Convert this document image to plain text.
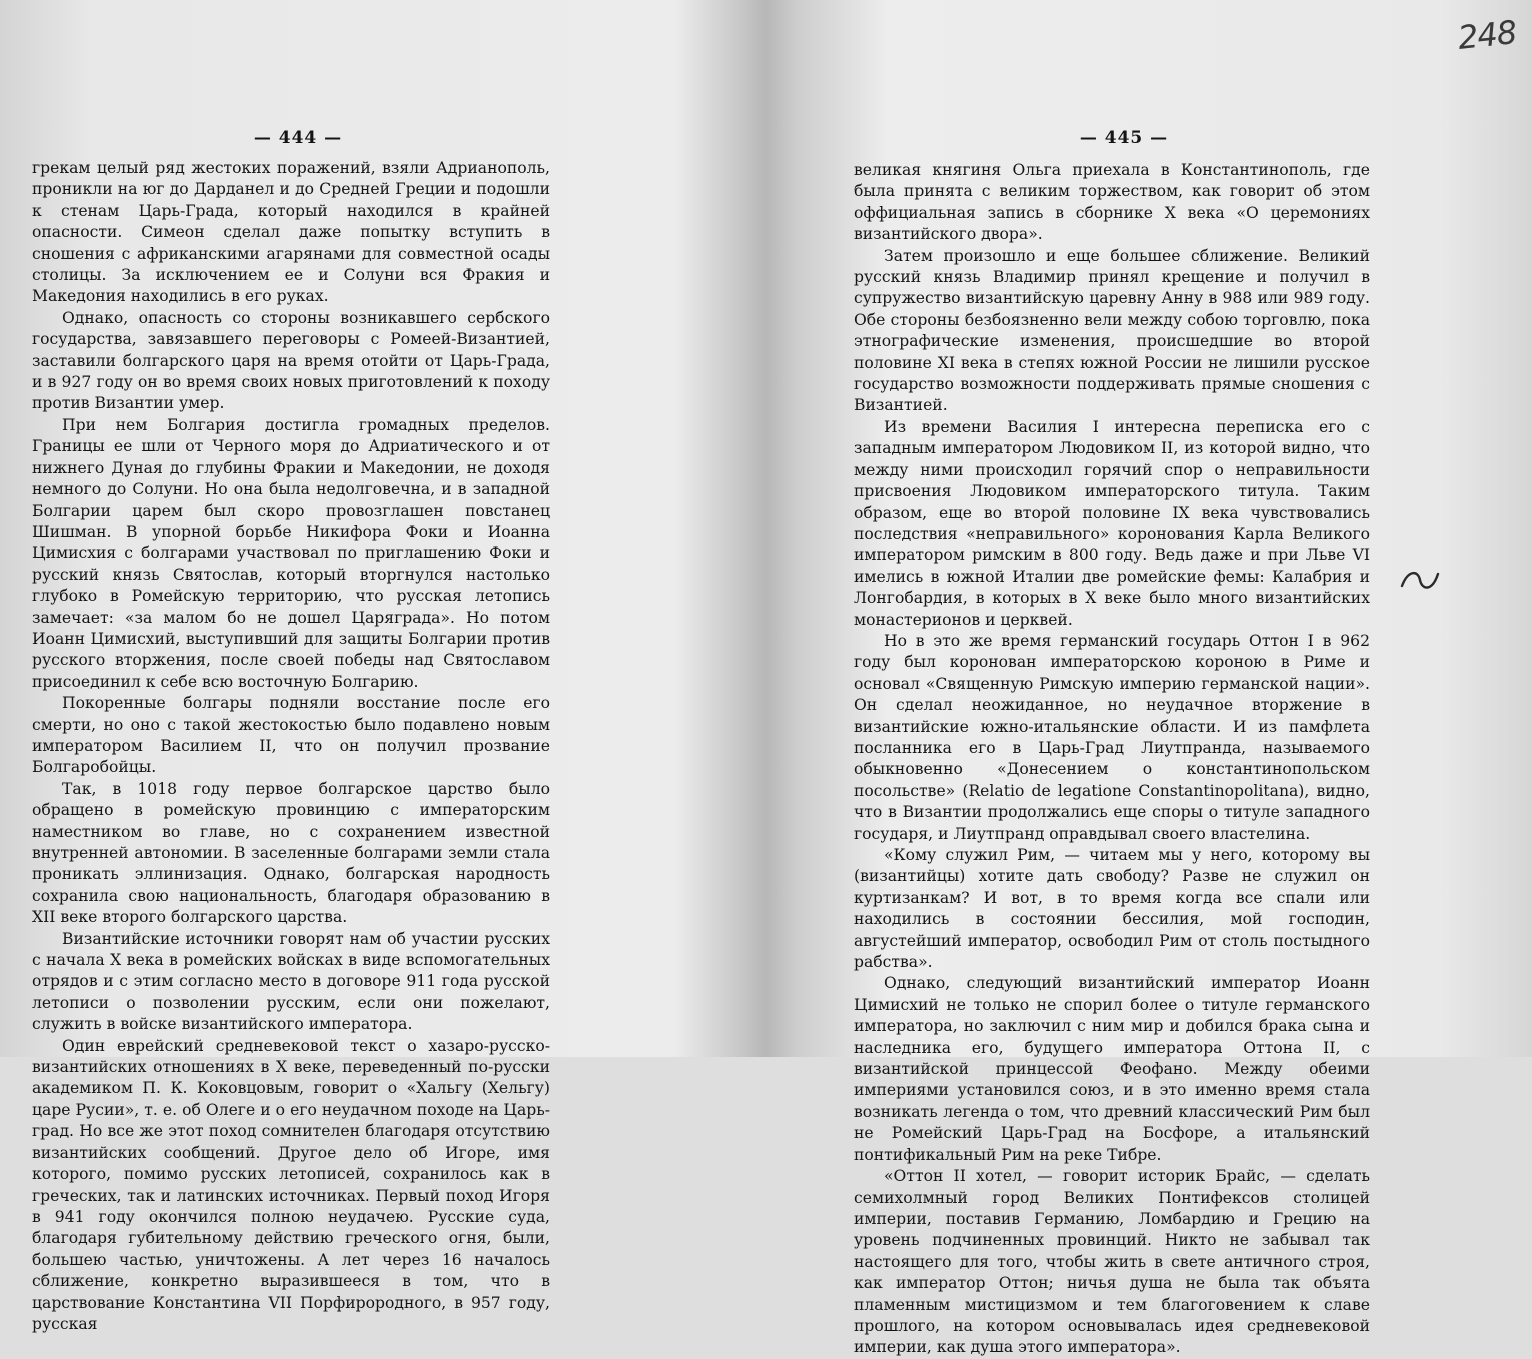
— 444 —

грекам целый ряд жестоких поражений, взяли Адрианополь, проникли на юг до Дарданел и до Средней Греции и подошли к стенам Царь-Града, который находился в крайней опасности. Симеон сделал даже попытку вступить в сношения с африканскими агарянами для совместной осады столицы. За исключением ее и Солуни вся Фракия и Македония находились в его руках.

Однако, опасность со стороны возникавшего сербского государства, завязавшего переговоры с Ромеей-Византией, заставили болгарского царя на время отойти от Царь-Града, и в 927 году он во время своих новых приготовлений к походу против Византии умер.

При нем Болгария достигла громадных пределов. Границы ее шли от Черного моря до Адриатического и от нижнего Дуная до глубины Фракии и Македонии, не доходя немного до Солуни. Но она была недолговечна, и в западной Болгарии царем был скоро провозглашен повстанец Шишман. В упорной борьбе Никифора Фоки и Иоанна Цимисхия с болгарами участвовал по приглашению Фоки и русский князь Святослав, который вторгнулся настолько глубоко в Ромейскую территорию, что русская летопись замечает: «за малом бо не дошел Царяграда». Но потом Иоанн Цимисхий, выступивший для защиты Болгарии против русского вторжения, после своей победы над Святославом присоединил к себе всю восточную Болгарию.

Покоренные болгары подняли восстание после его смерти, но оно с такой жестокостью было подавлено новым императором Василием II, что он получил прозвание Болгаробойцы.

Так, в 1018 году первое болгарское царство было обращено в ромейскую провинцию с императорским наместником во главе, но с сохранением известной внутренней автономии. В заселенные болгарами земли стала проникать эллинизация. Однако, болгарская народность сохранила свою национальность, благодаря образованию в XII веке второго болгарского царства.

Византийские источники говорят нам об участии русских с начала X века в ромейских войсках в виде вспомогательных отрядов и с этим согласно место в договоре 911 года русской летописи о позволении русским, если они пожелают, служить в войске византийского императора.

Один еврейский средневековой текст о хазаро-русско-византийских отношениях в X веке, переведенный по-русски академиком П. К. Коковцовым, говорит о «Хальгу (Хельгу) царе Русии», т. е. об Олеге и о его неудачном походе на Царь-град. Но все же этот поход сомнителен благодаря отсутствию византийских сообщений. Другое дело об Игоре, имя которого, помимо русских летописей, сохранилось как в греческих, так и латинских источниках. Первый поход Игоря в 941 году окончился полною неудачею. Русские суда, благодаря губительному действию греческого огня, были, большею частью, уничтожены. А лет через 16 началось сближение, конкретно выразившееся в том, что в царствование Константина VII Порфирородного, в 957 году, русская

— 445 —

великая княгиня Ольга приехала в Константинополь, где была принята с великим торжеством, как говорит об этом оффициальная запись в сборнике X века «О церемониях византийского двора».

Затем произошло и еще большее сближение. Великий русский князь Владимир принял крещение и получил в супружество византийскую царевну Анну в 988 или 989 году. Обе стороны безбоязненно вели между собою торговлю, пока этнографические изменения, происшедшие во второй половине XI века в степях южной России не лишили русское государство возможности поддерживать прямые сношения с Византией.

Из времени Василия I интересна переписка его с западным императором Людовиком II, из которой видно, что между ними происходил горячий спор о неправильности присвоения Людовиком императорского титула. Таким образом, еще во второй половине IX века чувствовались последствия «неправильного» коронования Карла Великого императором римским в 800 году. Ведь даже и при Льве VI имелись в южной Италии две ромейские фемы: Калабрия и Лонгобардия, в которых в X веке было много византийских монастерионов и церквей.

Но в это же время германский государь Оттон I в 962 году был коронован императорскою короною в Риме и основал «Священную Римскую империю германской нации». Он сделал неожиданное, но неудачное вторжение в византийские южно-итальянские области. И из памфлета посланника его в Царь-Град Лиутпранда, называемого обыкновенно «Донесением о константинопольском посольстве» (Relatio de legatione Constantinopolitana), видно, что в Византии продолжались еще споры о титуле западного государя, и Лиутпранд оправдывал своего властелина.

«Кому служил Рим, — читаем мы у него, которому вы (византийцы) хотите дать свободу? Разве не служил он куртизанкам? И вот, в то время когда все спали или находились в состоянии бессилия, мой господин, августейший император, освободил Рим от столь постыдного рабства».

Однако, следующий византийский император Иоанн Цимисхий не только не спорил более о титуле германского императора, но заключил с ним мир и добился брака сына и наследника его, будущего императора Оттона II, с византийской принцессой Феофано. Между обеими империями установился союз, и в это именно время стала возникать легенда о том, что древний классический Рим был не Ромейский Царь-Град на Босфоре, а итальянский понтификальный Рим на реке Тибре.

«Оттон II хотел, — говорит историк Брайс, — сделать семихолмный город Великих Понтифексов столицей империи, поставив Германию, Ломбардию и Грецию на уровень подчиненных провинций. Никто не забывал так настоящего для того, чтобы жить в свете античного строя, как император Оттон; ничья душа не была так объята пламенным мистицизмом и тем благоговением к славе прошлого, на котором основывалась идея средневековой империи, как душа этого императора».

248
